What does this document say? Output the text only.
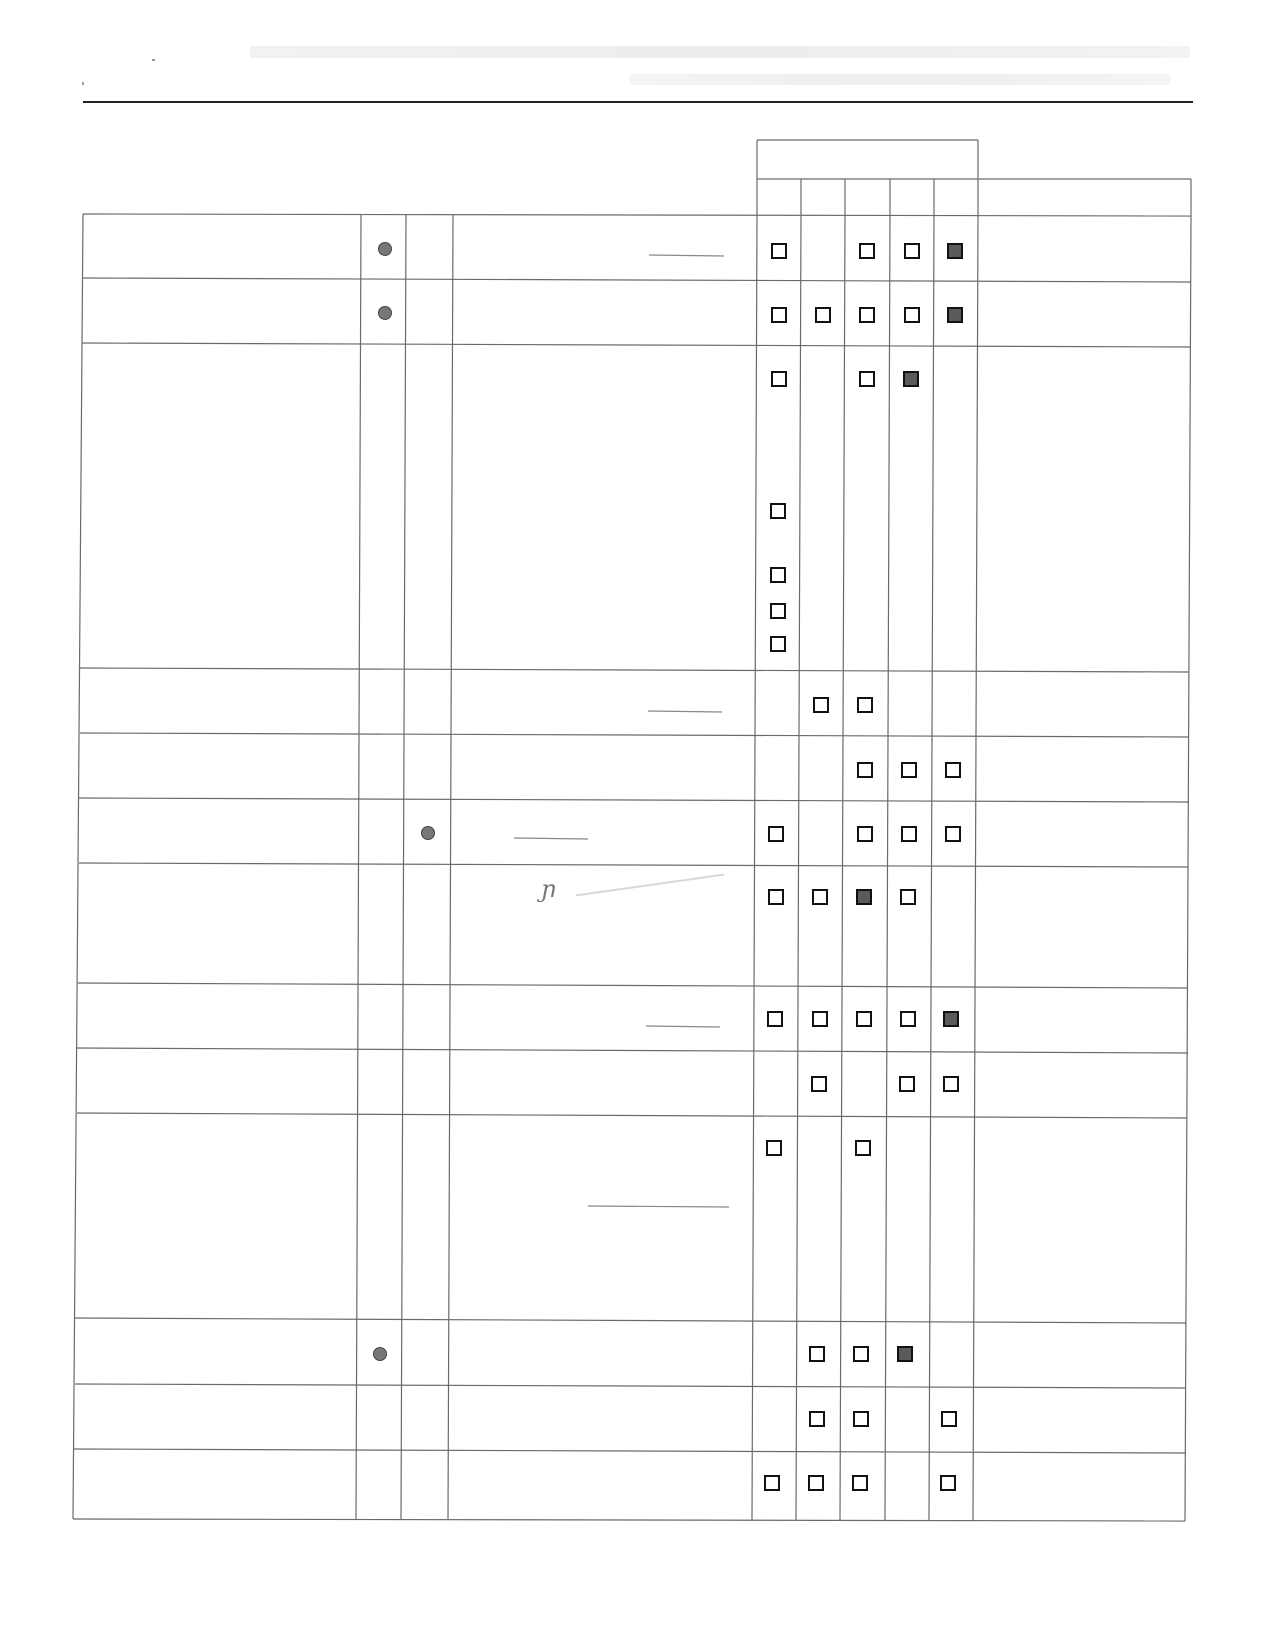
ɲ
